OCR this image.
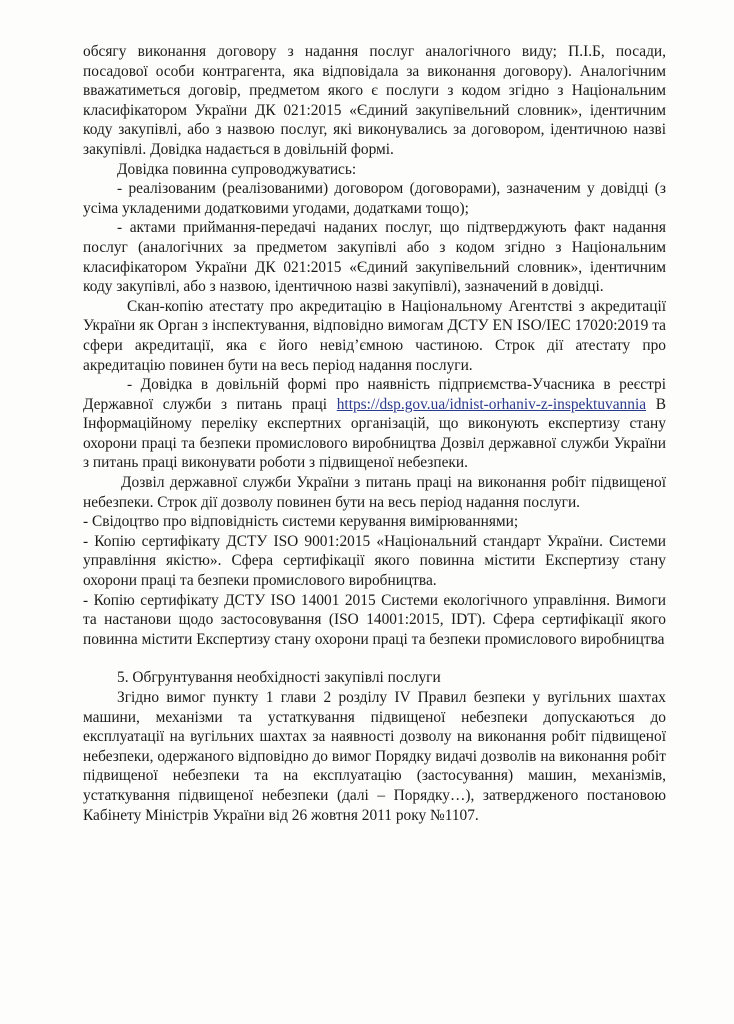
обсягу виконання договору з надання послуг аналогічного виду; П.І.Б, посади, посадової особи контрагента, яка відповідала за виконання договору). Аналогічним вважатиметься договір, предметом якого є послуги з кодом згідно з Національним класифікатором України ДК 021:2015 «Єдиний закупівельний словник», ідентичним коду закупівлі, або з назвою послуг, які виконувались за договором, ідентичною назві закупівлі. Довідка надається в довільній формі.

Довідка повинна супроводжуватись:

- реалізованим (реалізованими) договором (договорами), зазначеним у довідці (з усіма укладеними додатковими угодами, додатками тощо);

- актами приймання-передачі наданих послуг, що підтверджують факт надання послуг (аналогічних за предметом закупівлі або з кодом згідно з Національним класифікатором України ДК 021:2015 «Єдиний закупівельний словник», ідентичним коду закупівлі, або з назвою, ідентичною назві закупівлі), зазначений в довідці.

Скан-копію атестату про акредитацію в Національному Агентстві з акредитації України як Орган з інспектування, відповідно вимогам ДСТУ EN ISO/IEC 17020:2019 та сфери акредитації, яка є його невід’ємною частиною. Строк дії атестату про акредитацію повинен бути на весь період надання послуги.

- Довідка в довільній формі про наявність підприємства-Учасника в реєстрі Державної служби з питань праці https://dsp.gov.ua/idnist-orhaniv-z-inspektuvannia В Інформаційному переліку експертних організацій, що виконують експертизу стану охорони праці та безпеки промислового виробництва Дозвіл державної служби України з питань праці виконувати роботи з підвищеної небезпеки.

Дозвіл державної служби України з питань праці на виконання робіт підвищеної небезпеки. Строк дії дозволу повинен бути на весь період надання послуги.

- Свідоцтво про відповідність системи керування вимірюваннями;

- Копію сертифікату ДСТУ ISO 9001:2015 «Національний стандарт України. Системи управління якістю». Сфера сертифікації якого повинна містити Експертизу стану охорони праці та безпеки промислового виробництва.

- Копію сертифікату ДСТУ ISO 14001 2015 Системи екологічного управління. Вимоги та настанови щодо застосовування (ISO 14001:2015, IDT). Сфера сертифікації якого повинна містити Експертизу стану охорони праці та безпеки промислового виробництва

5. Обгрунтування необхідності закупівлі послуги

Згідно вимог пункту 1 глави 2 розділу IV Правил безпеки у вугільних шахтах машини, механізми та устаткування підвищеної небезпеки допускаються до експлуатації на вугільних шахтах за наявності дозволу на виконання робіт підвищеної небезпеки, одержаного відповідно до вимог Порядку видачі дозволів на виконання робіт підвищеної небезпеки та на експлуатацію (застосування) машин, механізмів, устаткування підвищеної небезпеки (далі – Порядку…), затвердженого постановою Кабінету Міністрів України від 26 жовтня 2011 року №1107.
